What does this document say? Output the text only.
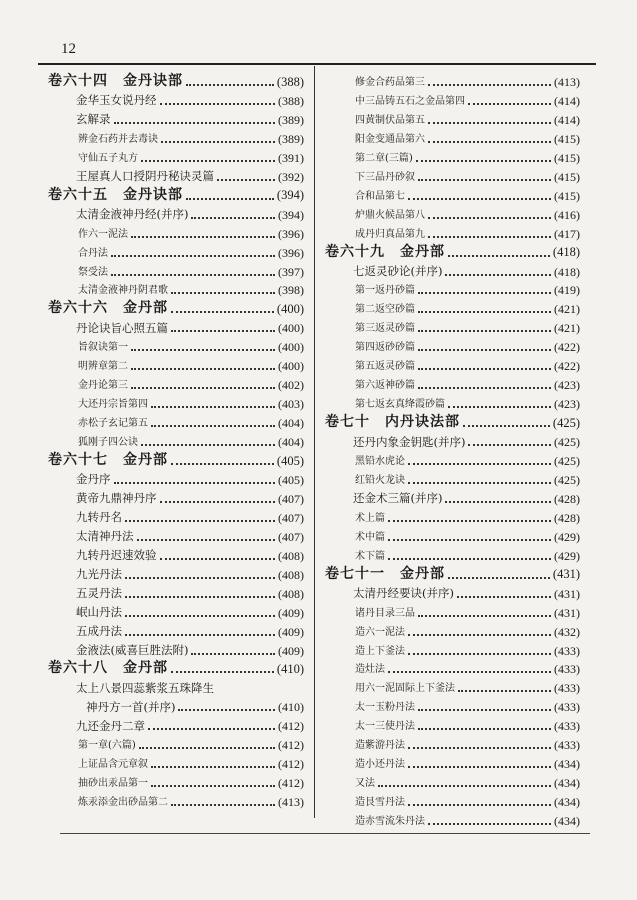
12
卷六十四　金丹诀部	(388)
金华玉女说丹经	(388)
玄解录	(389)
辨金石药并去毒诀	(389)
守仙五子丸方	(391)
王屋真人口授阴丹秘诀灵篇	(392)
卷六十五　金丹诀部	(394)
太清金液神丹经(并序)	(394)
作六一泥法	(396)
合丹法	(396)
祭受法	(397)
太清金液神丹阴君歌	(398)
卷六十六　金丹部	(400)
丹论诀旨心照五篇	(400)
旨叙诀第一	(400)
明辨章第二	(400)
金丹论第三	(402)
大还丹宗旨第四	(403)
赤松子玄记第五	(404)
狐刚子四公诀	(404)
卷六十七　金丹部	(405)
金丹序	(405)
黄帝九鼎神丹序	(407)
九转丹名	(407)
太清神丹法	(407)
九转丹迟速效验	(408)
九光丹法	(408)
五灵丹法	(408)
岷山丹法	(409)
五成丹法	(409)
金液法(威喜巨胜法附)	(409)
卷六十八　金丹部	(410)
太上八景四蕊紫浆五珠降生
神丹方一首(并序)	(410)
九还金丹二章	(412)
第一章(六篇)	(412)
上证品含元章叙	(412)
抽砂出汞品第一	(412)
炼汞添金出砂品第二	(413)
修金合药品第三	(413)
中三品铸五石之金品第四	(414)
四黄制伏品第五	(414)
阳金变通品第六	(415)
第二章(三篇)	(415)
下三品丹砂叙	(415)
合和品第七	(415)
炉鼎火候品第八	(416)
成丹归真品第九	(417)
卷六十九　金丹部	(418)
七返灵砂论(并序)	(418)
第一返丹砂篇	(419)
第二返空砂篇	(421)
第三返灵砂篇	(421)
第四返砂砂篇	(422)
第五返灵砂篇	(422)
第六返神砂篇	(423)
第七返玄真绛霞砂篇	(423)
卷七十　内丹诀法部	(425)
还丹内象金钥匙(并序)	(425)
黑铅水虎论	(425)
红铅火龙诀	(425)
还金术三篇(并序)	(428)
术上篇	(428)
术中篇	(429)
术下篇	(429)
卷七十一　金丹部	(431)
太清丹经要诀(并序)	(431)
诸丹目录三品	(431)
造六一泥法	(432)
造上下釜法	(433)
造灶法	(433)
用六一泥固际上下釜法	(433)
太一玉粉丹法	(433)
太一三使丹法	(433)
造紫游丹法	(433)
造小还丹法	(434)
又法	(434)
造艮雪丹法	(434)
造赤雪流朱丹法	(434)
